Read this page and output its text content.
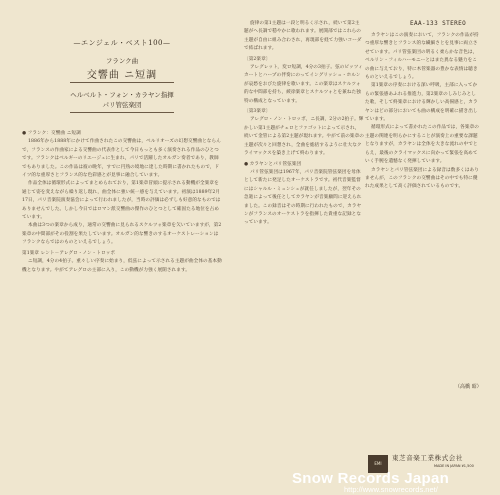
EAA-133 STEREO
—エンジェル・ベスト100—
フランク曲
交響曲 ニ短調
ヘルベルト・フォン・カラヤン指揮
パリ管弦楽団

● フランク：交響曲 ニ短調

1886年から1888年にかけて作曲されたこの交響曲は，ベルリオーズの幻想交響曲とならんで，フランスの作曲家による交響曲の代表作として今日もっとも多く演奏される作品のひとつです。フランクはベルギーのリエージュに生まれ，パリで活躍したオルガン奏者であり，教師でもありました。この作品は彼の晩年，すでに円熟の境地に達した時期に書かれたもので，ドイツ的な重厚さとフランス的な色彩感とが見事に融合しています。

作品全体は循環形式によってまとめられており，第1楽章冒頭に提示される動機が全楽章を通じて姿を変えながら繰り返し現れ，曲全体に強い統一感を与えています。初演は1889年2月17日，パリ音楽院演奏協会によって行われましたが，当時の評価は必ずしも好意的なものではありませんでした。しかし今日ではロマン派交響曲の傑作のひとつとして確固たる地位を占めています。

本曲は3つの楽章から成り，通常の交響曲に見られるスケルツォ楽章を欠いていますが，第2楽章の中間部がその役割を果たしています。オルガン的な響きのするオーケストレーションはフランクならではのものといえるでしょう。

第1楽章 レント－アレグロ・ノン・トロッポ

ニ短調，4分の4拍子。重々しい序奏に始まり，低弦によって示される主題が曲全体の基本動機となります。やがてアレグロの主部に入り，この動機が力強く展開されます。

旋律の第1主題は一段と明るく示され，続いて第2主題がヘ長調で穏やかに歌われます。展開部ではこれらの主題が自由に組み合わされ，再現部を経て力強いコーダで結ばれます。

〔第2楽章〕

アレグレット，変ロ短調，4分の3拍子。弦のピッツィカートとハープの伴奏にのってイングリッシュ・ホルンが哀愁をおびた旋律を歌います。この楽章はスケルツォ的な中間部を持ち，緩徐楽章とスケルツォとを兼ねた独特の構成となっています。

〔第3楽章〕

アレグロ・ノン・トロッポ，ニ長調，2分の2拍子。輝かしい第1主題がチェロとファゴットによって示され，続いて金管による第2主題が現れます。やがて前の楽章の主題が次々と回想され，全曲を総括するように壮大なクライマックスを築き上げて終わります。

● カラヤンとパリ管弦楽団

パリ管弦楽団は1967年，パリ音楽院管弦楽団を母体として新たに発足したオーケストラです。初代音楽監督にはシャルル・ミュンシュが就任しましたが，翌年その急逝によって後任としてカラヤンが音楽顧問に迎えられました。この録音はその時期に行われたもので，カラヤンがフランスのオーケストラを指揮した貴重な記録となっています。

カラヤンはこの演奏において，フランクの作品が持つ重厚な響きとフランス的な繊細さとを見事に両立させています。パリ管弦楽団の明るく柔らかな音色は，ベルリン・フィルハーモニーとはまた異なる魅力をこの曲に与えており，特に木管楽器の豊かな表情は聴きものといえるでしょう。

第1楽章の序奏における深い呼吸，主部に入ってからの緊張感あふれる推進力，第2楽章のしみじみとした歌，そして終楽章における輝かしい高揚感と，カラヤンはどの部分においても曲の構成を明確に描き出しています。

循環形式によって書かれたこの作品では，各楽章の主題の関連を明らかにすることが演奏上の重要な課題となりますが，カラヤンは全体を大きな流れの中でとらえ，最後のクライマックスに向かって緊張を高めていく手腕を遺憾なく発揮しています。

カラヤンとパリ管弦楽団による録音は数多くはありませんが，このフランクの交響曲はその中でも特に優れた成果として高く評価されているものです。

（高橋 昭）
EMI
東芝音楽工業株式会社
MADE IN JAPAN ¥1,500
Snow Records Japan
http://www.snowrecords.net/
